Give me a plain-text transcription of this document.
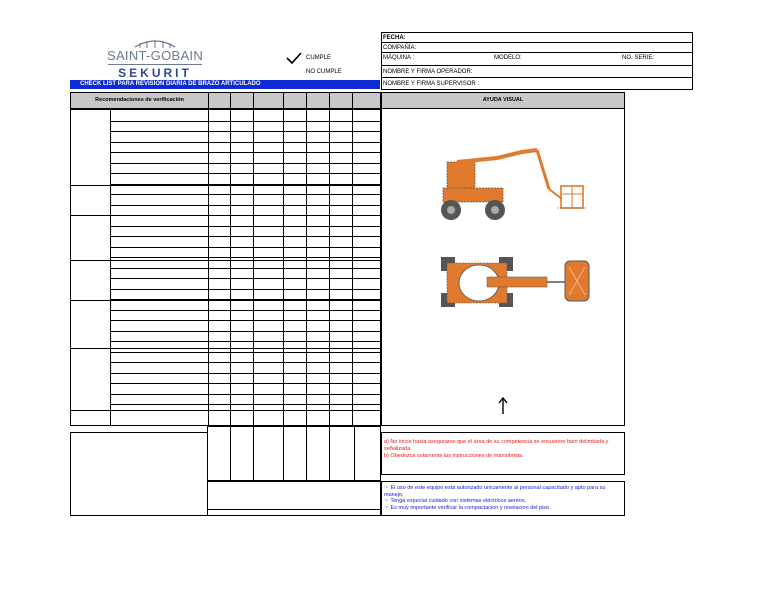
SAINT-GOBAIN
SEKURIT
CUMPLE
NO CUMPLE
FECHA:
COMPAÑÍA:
MÁQUINA :	MODELO:	NO. SERIE:
NOMBRE Y FIRMA OPERADOR:
NOMBRE Y FIRMA SUPERVISOR :
CHECK LIST PARA REVISIÓN DIARIA DE BRAZO ARTICULADO
Recomendaciones de verificación	AYUDA VISUAL
a) No inicie hasta asegurarse que el área de su competencia se encuentre bien delimitada y señalizada.
b) Obedezca solamente las instrucciones de maniobrista.
☞ El uso de este equipo esta autorizado unicamente al personal capacitado y apto para su manejo.
☞ Tenga especial cuidado con sistemas eléctricos aereos.
☞ Es muy importante verificar la compactacion y nivelacion del piso.
